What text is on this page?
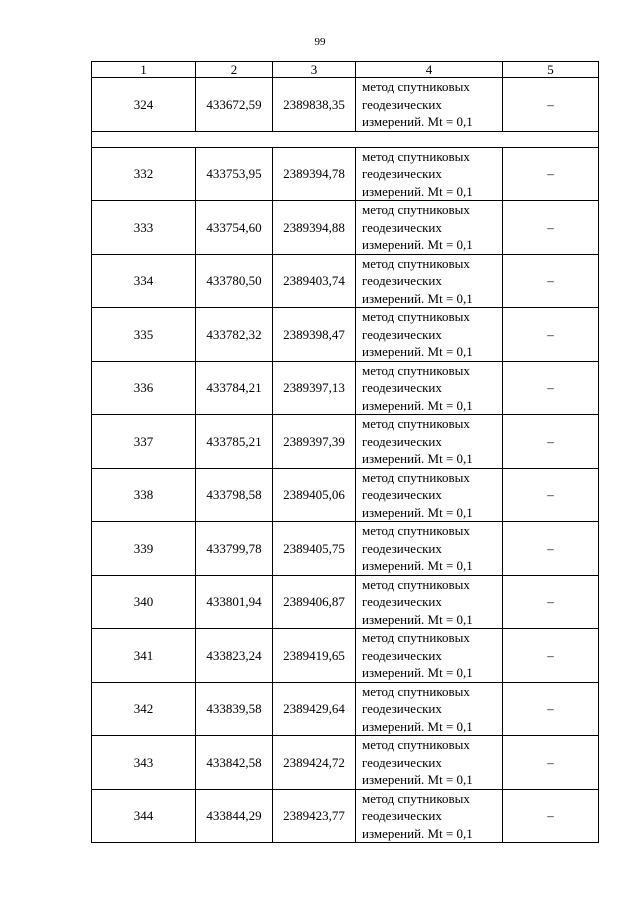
99
1	2	3	4	5
324	433672,59	2389838,35	метод спутниковых
геодезических
измерений. Mt = 0,1	–

332	433753,95	2389394,78	метод спутниковых
геодезических
измерений. Mt = 0,1	–
333	433754,60	2389394,88	метод спутниковых
геодезических
измерений. Mt = 0,1	–
334	433780,50	2389403,74	метод спутниковых
геодезических
измерений. Mt = 0,1	–
335	433782,32	2389398,47	метод спутниковых
геодезических
измерений. Mt = 0,1	–
336	433784,21	2389397,13	метод спутниковых
геодезических
измерений. Mt = 0,1	–
337	433785,21	2389397,39	метод спутниковых
геодезических
измерений. Mt = 0,1	–
338	433798,58	2389405,06	метод спутниковых
геодезических
измерений. Mt = 0,1	–
339	433799,78	2389405,75	метод спутниковых
геодезических
измерений. Mt = 0,1	–
340	433801,94	2389406,87	метод спутниковых
геодезических
измерений. Mt = 0,1	–
341	433823,24	2389419,65	метод спутниковых
геодезических
измерений. Mt = 0,1	–
342	433839,58	2389429,64	метод спутниковых
геодезических
измерений. Mt = 0,1	–
343	433842,58	2389424,72	метод спутниковых
геодезических
измерений. Mt = 0,1	–
344	433844,29	2389423,77	метод спутниковых
геодезических
измерений. Mt = 0,1	–
